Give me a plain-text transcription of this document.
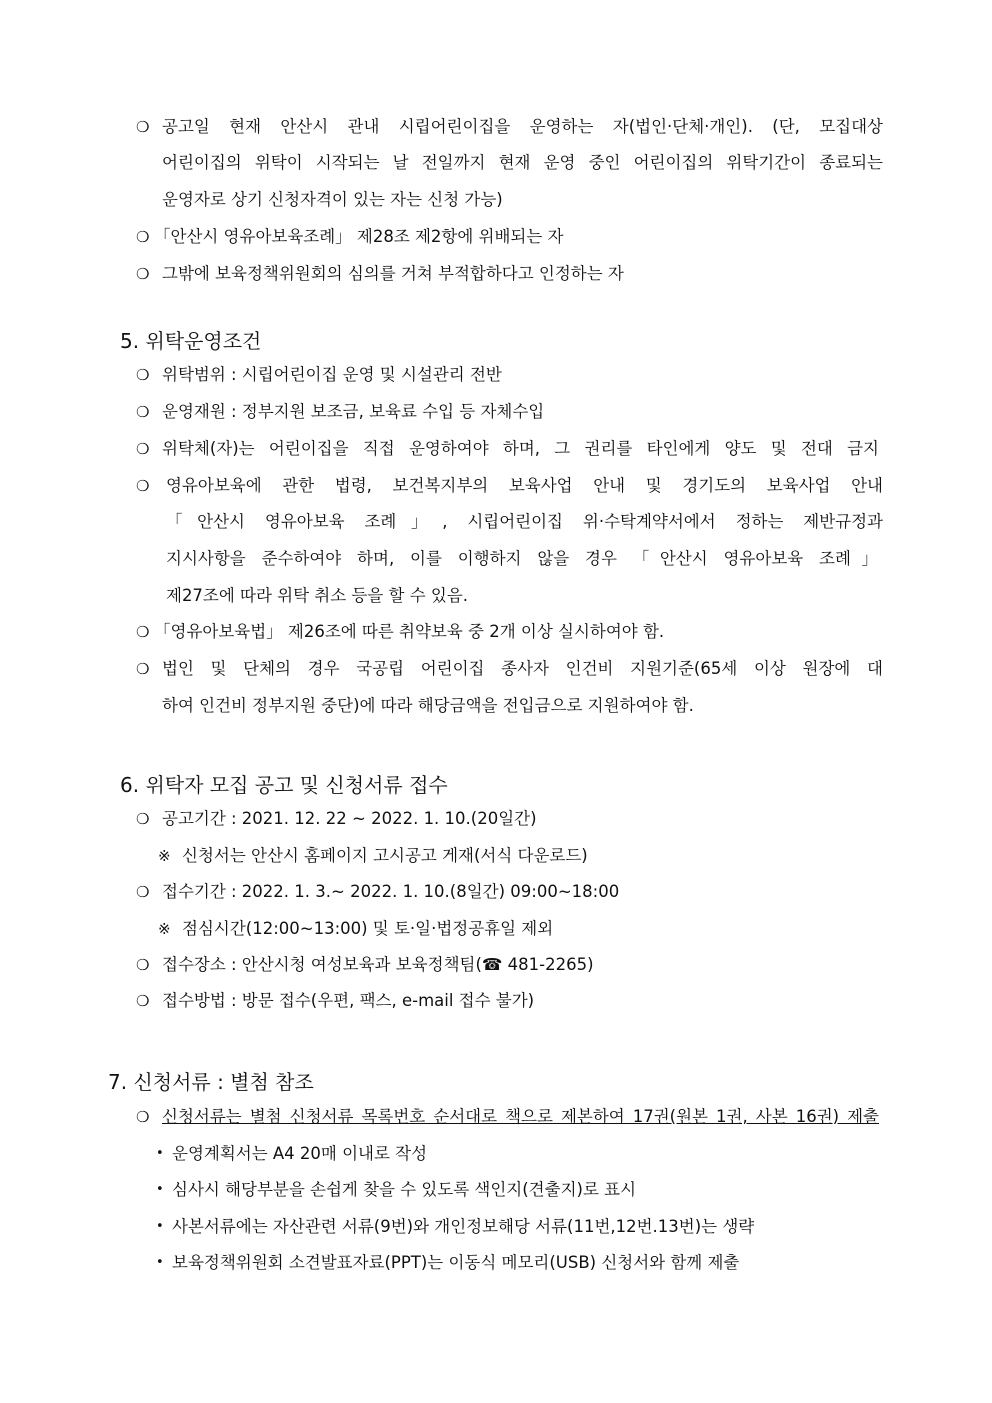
❍ 공고일 현재 안산시 관내 시립어린이집을 운영하는 자(법인·단체·개인). (단, 모집대상
어린이집의 위탁이 시작되는 날 전일까지 현재 운영 중인 어린이집의 위탁기간이 종료되는
운영자로 상기 신청자격이 있는 자는 신청 가능)
❍ 「안산시 영유아보육조례」 제28조 제2항에 위배되는 자
❍ 그밖에 보육정책위원회의 심의를 거쳐 부적합하다고 인정하는 자
5. 위탁운영조건
❍ 위탁범위 : 시립어린이집 운영 및 시설관리 전반
❍ 운영재원 : 정부지원 보조금, 보육료 수입 등 자체수입
❍ 위탁체(자)는 어린이집을 직접 운영하여야 하며, 그 권리를 타인에게 양도 및 전대 금지
❍ 영유아보육에 관한 법령, 보건복지부의 보육사업 안내 및 경기도의 보육사업 안내
「안산시 영유아보육 조례」, 시립어린이집 위·수탁계약서에서 정하는 제반규정과
지시사항을 준수하여야 하며, 이를 이행하지 않을 경우 「안산시 영유아보육 조례」
제27조에 따라 위탁 취소 등을 할 수 있음.
❍ 「영유아보육법」 제26조에 따른 취약보육 중 2개 이상 실시하여야 함.
❍ 법인 및 단체의 경우 국공립 어린이집 종사자 인건비 지원기준(65세 이상 원장에 대
하여 인건비 정부지원 중단)에 따라 해당금액을 전입금으로 지원하여야 함.
6. 위탁자 모집 공고 및 신청서류 접수
❍ 공고기간 : 2021. 12. 22 ~ 2022. 1. 10.(20일간)
※ 신청서는 안산시 홈페이지 고시공고 게재(서식 다운로드)
❍ 접수기간 : 2022. 1. 3.~ 2022. 1. 10.(8일간) 09:00~18:00
※ 점심시간(12:00~13:00) 및 토·일·법정공휴일 제외
❍ 접수장소 : 안산시청 여성보육과 보육정책팀(☎ 481-2265)
❍ 접수방법 : 방문 접수(우편, 팩스, e-mail 접수 불가)
7. 신청서류 : 별첨 참조
❍ 신청서류는 별첨 신청서류 목록번호 순서대로 책으로 제본하여 17권(원본 1권, 사본 16권) 제출
• 운영계획서는 A4 20매 이내로 작성
• 심사시 해당부분을 손쉽게 찾을 수 있도록 색인지(견출지)로 표시
• 사본서류에는 자산관련 서류(9번)와 개인정보해당 서류(11번,12번.13번)는 생략
• 보육정책위원회 소견발표자료(PPT)는 이동식 메모리(USB) 신청서와 함께 제출
